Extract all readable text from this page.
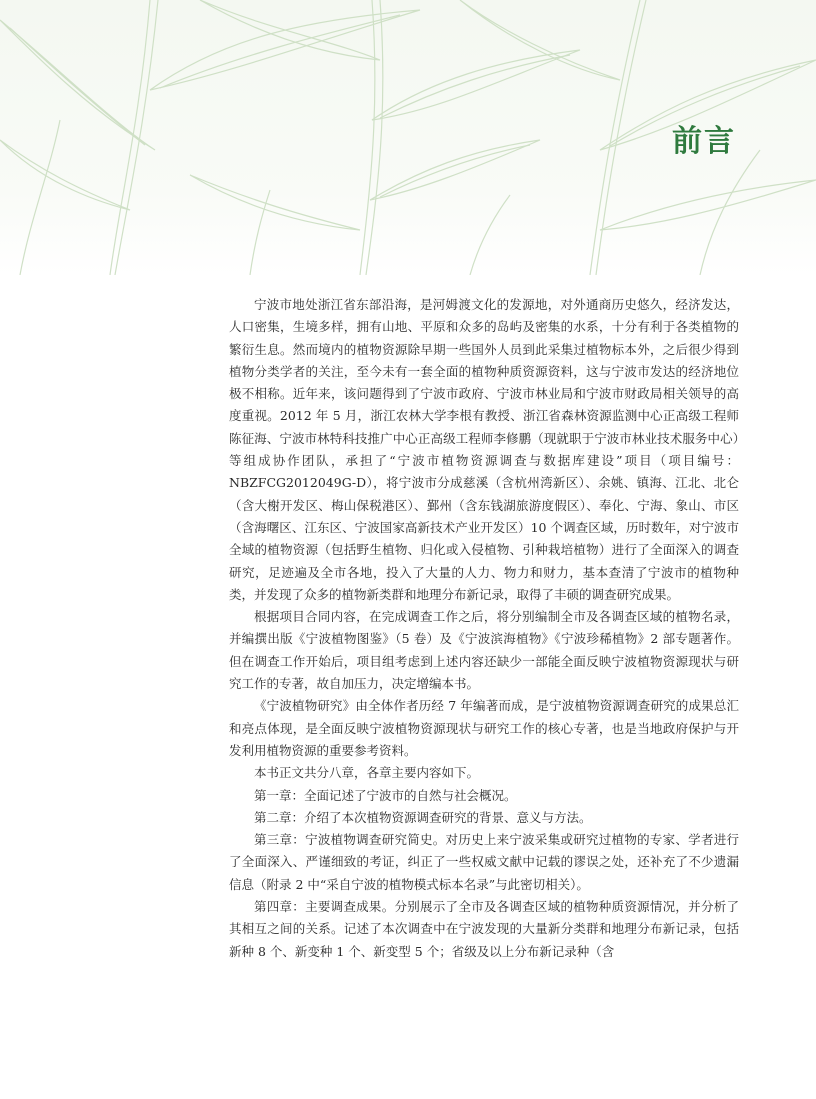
前言

宁波市地处浙江省东部沿海，是河姆渡文化的发源地，对外通商历史悠久，经济发达，人口密集，生境多样，拥有山地、平原和众多的岛屿及密集的水系，十分有利于各类植物的繁衍生息。然而境内的植物资源除早期一些国外人员到此采集过植物标本外，之后很少得到植物分类学者的关注，至今未有一套全面的植物种质资源资料，这与宁波市发达的经济地位极不相称。近年来，该问题得到了宁波市政府、宁波市林业局和宁波市财政局相关领导的高度重视。2012 年 5 月，浙江农林大学李根有教授、浙江省森林资源监测中心正高级工程师陈征海、宁波市林特科技推广中心正高级工程师李修鹏（现就职于宁波市林业技术服务中心）等组成协作团队，承担了“宁波市植物资源调查与数据库建设”项目（项目编号：NBZFCG2012049G-D），将宁波市分成慈溪（含杭州湾新区）、余姚、镇海、江北、北仑（含大榭开发区、梅山保税港区）、鄞州（含东钱湖旅游度假区）、奉化、宁海、象山、市区（含海曙区、江东区、宁波国家高新技术产业开发区）10 个调查区域，历时数年，对宁波市全域的植物资源（包括野生植物、归化或入侵植物、引种栽培植物）进行了全面深入的调查研究，足迹遍及全市各地，投入了大量的人力、物力和财力，基本查清了宁波市的植物种类，并发现了众多的植物新类群和地理分布新记录，取得了丰硕的调查研究成果。

根据项目合同内容，在完成调查工作之后，将分别编制全市及各调查区域的植物名录，并编撰出版《宁波植物图鉴》（5 卷）及《宁波滨海植物》《宁波珍稀植物》2 部专题著作。但在调查工作开始后，项目组考虑到上述内容还缺少一部能全面反映宁波植物资源现状与研究工作的专著，故自加压力，决定增编本书。

《宁波植物研究》由全体作者历经 7 年编著而成，是宁波植物资源调查研究的成果总汇和亮点体现，是全面反映宁波植物资源现状与研究工作的核心专著，也是当地政府保护与开发利用植物资源的重要参考资料。

本书正文共分八章，各章主要内容如下。

第一章：全面记述了宁波市的自然与社会概况。

第二章：介绍了本次植物资源调查研究的背景、意义与方法。

第三章：宁波植物调查研究简史。对历史上来宁波采集或研究过植物的专家、学者进行了全面深入、严谨细致的考证，纠正了一些权威文献中记载的谬误之处，还补充了不少遗漏信息（附录 2 中“采自宁波的植物模式标本名录”与此密切相关）。

第四章：主要调查成果。分别展示了全市及各调查区域的植物种质资源情况，并分析了其相互之间的关系。记述了本次调查中在宁波发现的大量新分类群和地理分布新记录，包括新种 8 个、新变种 1 个、新变型 5 个；省级及以上分布新记录种（含
